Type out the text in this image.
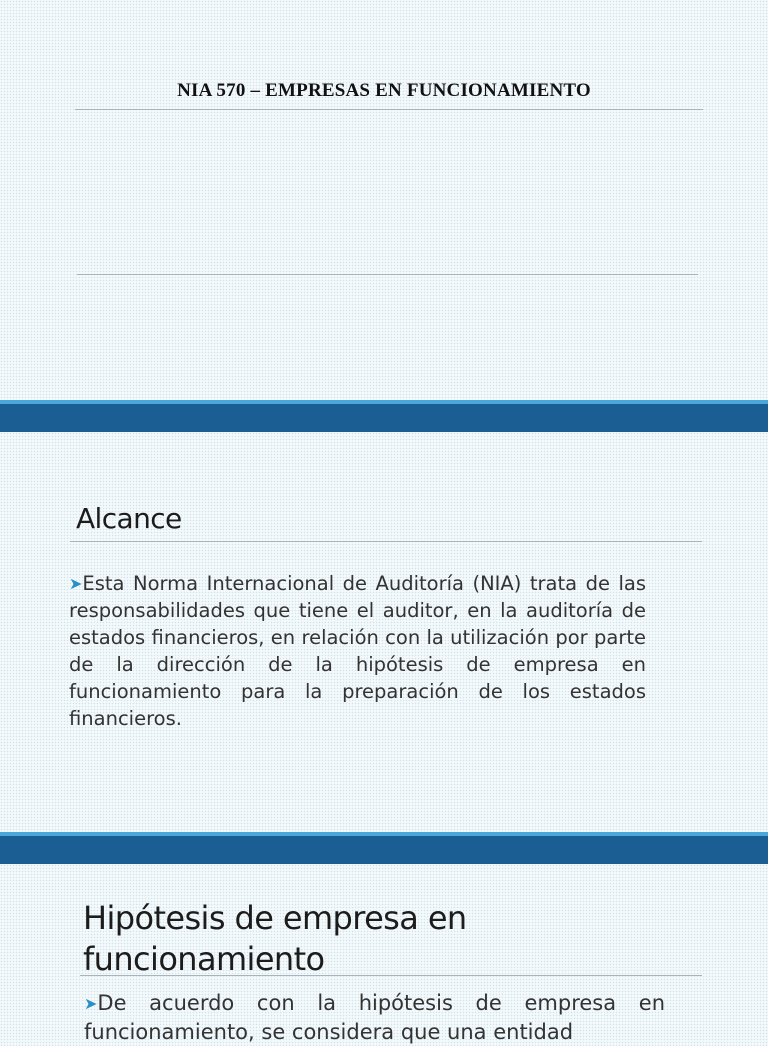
NIA 570 – EMPRESAS EN FUNCIONAMIENTO
Alcance
➤Esta Norma Internacional de Auditoría (NIA) trata de las responsabilidades que tiene el auditor, en la auditoría de estados financieros, en relación con la utilización por parte de la dirección de la hipótesis de empresa en funcionamiento para la preparación de los estados financieros.
Hipótesis de empresa en funcionamiento
➤De acuerdo con la hipótesis de empresa en funcionamiento, se considera que una entidad
